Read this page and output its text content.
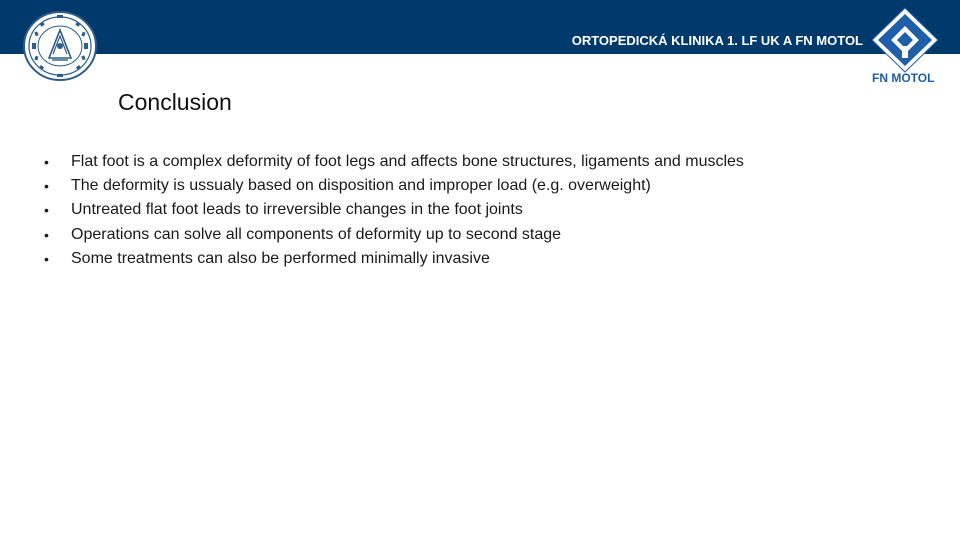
ORTOPEDICKÁ KLINIKA 1. LF UK A FN MOTOL
FN MOTOL
Conclusion
• Flat foot is a complex deformity of foot legs and affects bone structures, ligaments and muscles
• The deformity is ussualy based on disposition and improper load (e.g. overweight)
• Untreated flat foot leads to irreversible changes in the foot joints
• Operations can solve all components of deformity up to second stage
• Some treatments can also be performed minimally invasive
